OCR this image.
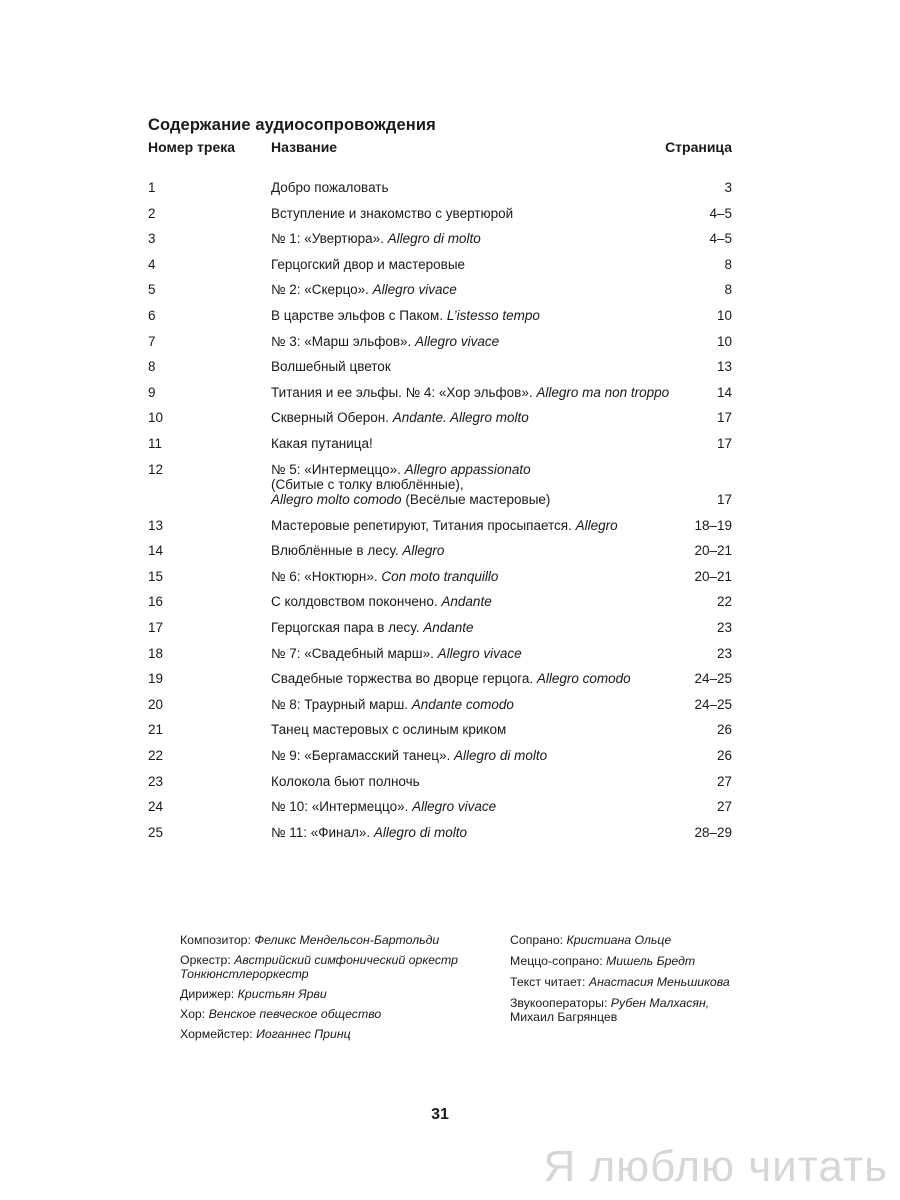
Содержание аудиосопровождения
Номер трека	Название	Страница
1	Добро пожаловать	3
2	Вступление и знакомство с увертюрой	4–5
3	№ 1: «Увертюра». Allegro di molto	4–5
4	Герцогский двор и мастеровые	8
5	№ 2: «Скерцо». Allegro vivace	8
6	В царстве эльфов с Паком. L’istesso tempo	10
7	№ 3: «Марш эльфов». Allegro vivace	10
8	Волшебный цветок	13
9	Титания и ее эльфы. № 4: «Хор эльфов». Allegro ma non troppo	14
10	Скверный Оберон. Andante. Allegro molto	17
11	Какая путаница!	17
12	№ 5: «Интермеццо». Allegro appassionato
(Сбитые с толку влюблённые),
Allegro molto comodo (Весёлые мастеровые)	17
13	Мастеровые репетируют, Титания просыпается. Allegro	18–19
14	Влюблённые в лесу. Allegro	20–21
15	№ 6: «Ноктюрн». Con moto tranquillo	20–21
16	С колдовством покончено. Andante	22
17	Герцогская пара в лесу. Andante	23
18	№ 7: «Свадебный марш». Allegro vivace	23
19	Свадебные торжества во дворце герцога. Allegro comodo	24–25
20	№ 8: Траурный марш. Andante comodo	24–25
21	Танец мастеровых с ослиным криком	26
22	№ 9: «Бергамасский танец». Allegro di molto	26
23	Колокола бьют полночь	27
24	№ 10: «Интермеццо». Allegro vivace	27
25	№ 11: «Финал». Allegro di molto	28–29
Композитор: Феликс Мендельсон-Бартольди
Оркестр: Австрийский симфонический оркестр
Тонкюнстлероркестр
Дирижер: Кристьян Ярви
Хор: Венское певческое общество
Хормейстер: Иоганнес Принц
Сопрано: Кристиана Ольце
Меццо-сопрано: Мишель Бредт
Текст читает: Анастасия Меньшикова
Звукооператоры: Рубен Малхасян,
Михаил Багрянцев
31
Я люблю читать
